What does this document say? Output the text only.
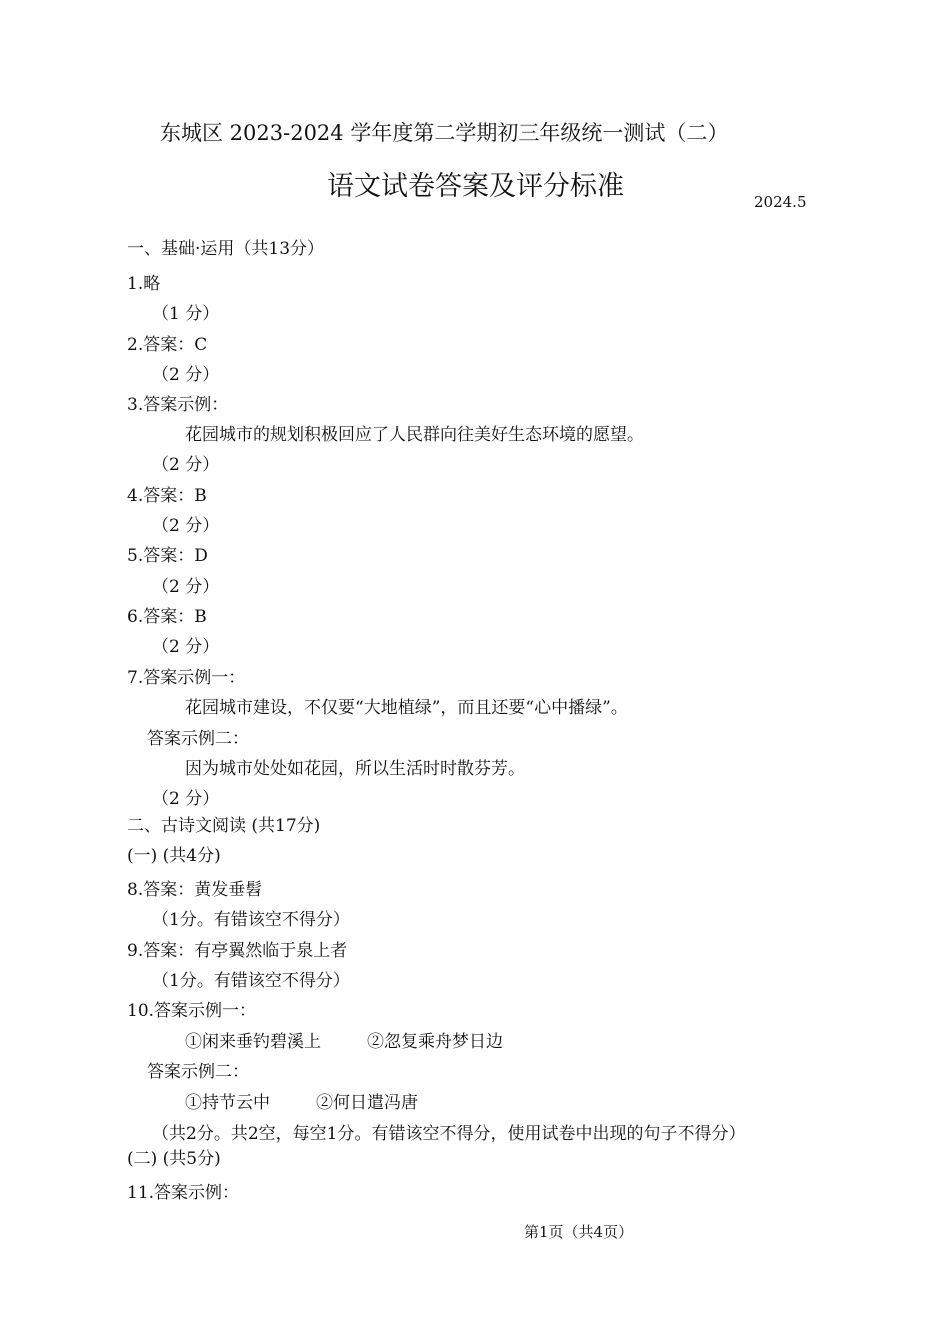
东城区 2023-2024 学年度第二学期初三年级统一测试（二）
语文试卷答案及评分标准	2024.5
一、基础·运用（共13分）
1.略
（1 分）
2.答案：C
（2 分）
3.答案示例：
花园城市的规划积极回应了人民群向往美好生态环境的愿望。
（2 分）
4.答案：B
（2 分）
5.答案：D
（2 分）
6.答案：B
（2 分）
7.答案示例一：
花园城市建设，不仅要“大地植绿”，而且还要“心中播绿”。
答案示例二：
因为城市处处如花园，所以生活时时散芬芳。
（2 分）
二、古诗文阅读 (共17分)
(一) (共4分)
8.答案：黄发垂髫
（1分。有错该空不得分）
9.答案：有亭翼然临于泉上者
（1分。有错该空不得分）
10.答案示例一：
①闲来垂钓碧溪上	②忽复乘舟梦日边
答案示例二：
①持节云中	②何日遣冯唐
（共2分。共2空，每空1分。有错该空不得分，使用试卷中出现的句子不得分）
(二) (共5分)
11.答案示例：
第1页（共4页）
